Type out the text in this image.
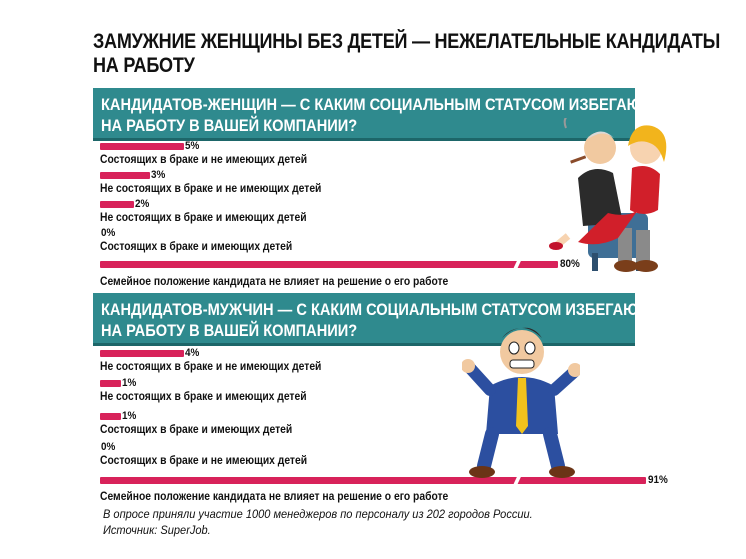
ЗАМУЖНИЕ ЖЕНЩИНЫ БЕЗ ДЕТЕЙ — НЕЖЕЛАТЕЛЬНЫЕ КАНДИДАТЫ
НА РАБОТУ
КАНДИДАТОВ-ЖЕНЩИН — С КАКИМ СОЦИАЛЬНЫМ СТАТУСОМ ИЗБЕГАЮТ БРАТЬ
НА РАБОТУ В ВАШЕЙ КОМПАНИИ?
КАНДИДАТОВ-МУЖЧИН — С КАКИМ СОЦИАЛЬНЫМ СТАТУСОМ ИЗБЕГАЮТ БРАТЬ
НА РАБОТУ В ВАШЕЙ КОМПАНИИ?
5%
Состоящих в браке и не имеющих детей
3%
Не состоящих в браке и не имеющих детей
2%
Не состоящих в браке и имеющих детей
0%
Состоящих в браке и имеющих детей
80%
Семейное положение кандидата не влияет на решение о его работе
4%
Не состоящих в браке и не имеющих детей
1%
Не состоящих в браке и имеющих детей
1%
Состоящих в браке и имеющих детей
0%
Состоящих в браке и не имеющих детей
91%
Семейное положение кандидата не влияет на решение о его работе
В опросе приняли участие 1000 менеджеров по персоналу из 202 городов России.
Источник: SuperJob.
